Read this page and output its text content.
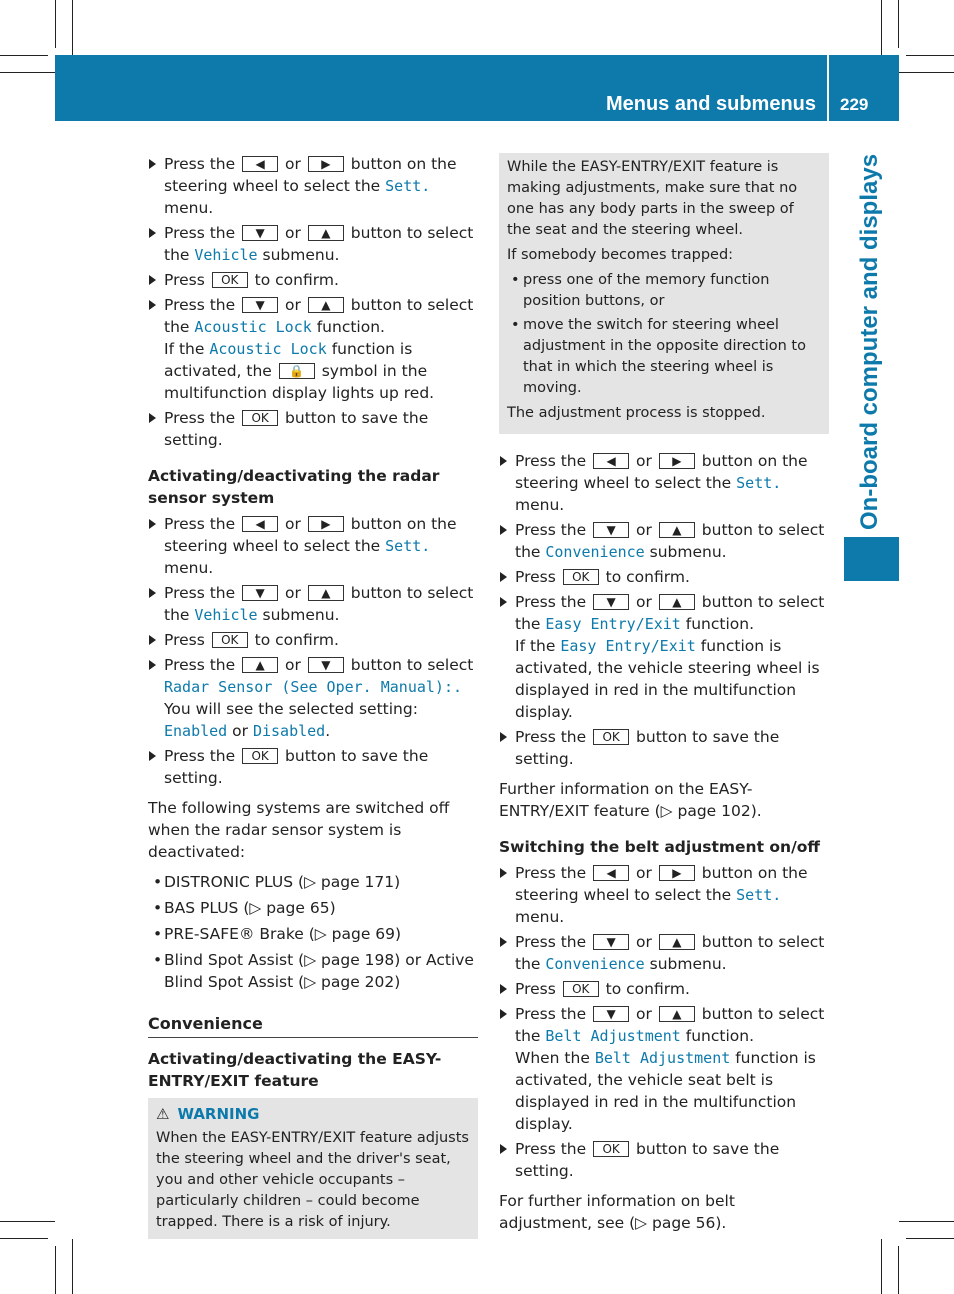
Menus and submenus 229
On-board computer and displays
Press the ◀ or ▶ button on the steering wheel to select the Sett. menu.
Press the ▼ or ▲ button to select the Vehicle submenu.
Press OK to confirm.
Press the ▼ or ▲ button to select the Acoustic Lock function.
If the Acoustic Lock function is activated, the 🔒 symbol in the multifunction display lights up red.
Press the OK button to save the setting.
Activating/deactivating the radar sensor system
Press the ◀ or ▶ button on the steering wheel to select the Sett. menu.
Press the ▼ or ▲ button to select the Vehicle submenu.
Press OK to confirm.
Press the ▲ or ▼ button to select Radar Sensor (See Oper. Manual):.
You will see the selected setting: Enabled or Disabled.
Press the OK button to save the setting.
The following systems are switched off when the radar sensor system is deactivated:
• DISTRONIC PLUS (▷ page 171)
• BAS PLUS (▷ page 65)
• PRE-SAFE® Brake (▷ page 69)
• Blind Spot Assist (▷ page 198) or Active Blind Spot Assist (▷ page 202)
Convenience
Activating/deactivating the EASY-ENTRY/EXIT feature
⚠ WARNING
When the EASY-ENTRY/EXIT feature adjusts the steering wheel and the driver's seat, you and other vehicle occupants – particularly children – could become trapped. There is a risk of injury.

While the EASY-ENTRY/EXIT feature is making adjustments, make sure that no one has any body parts in the sweep of the seat and the steering wheel.

If somebody becomes trapped:

• press one of the memory function position buttons, or
• move the switch for steering wheel adjustment in the opposite direction to that in which the steering wheel is moving.

The adjustment process is stopped.

Press the ◀ or ▶ button on the steering wheel to select the Sett. menu.
Press the ▼ or ▲ button to select the Convenience submenu.
Press OK to confirm.
Press the ▼ or ▲ button to select the Easy Entry/Exit function.
If the Easy Entry/Exit function is activated, the vehicle steering wheel is displayed in red in the multifunction display.
Press the OK button to save the setting.
Further information on the EASY-ENTRY/EXIT feature (▷ page 102).
Switching the belt adjustment on/off
Press the ◀ or ▶ button on the steering wheel to select the Sett. menu.
Press the ▼ or ▲ button to select the Convenience submenu.
Press OK to confirm.
Press the ▼ or ▲ button to select the Belt Adjustment function.
When the Belt Adjustment function is activated, the vehicle seat belt is displayed in red in the multifunction display.
Press the OK button to save the setting.
For further information on belt adjustment, see (▷ page 56).
